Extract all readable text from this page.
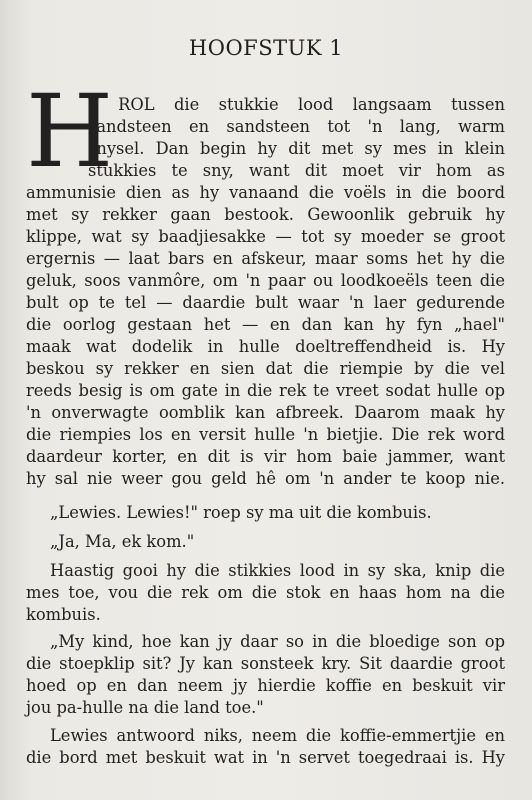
HOOFSTUK 1
H
Y ROL die stukkie lood langsaam tussen
sandsteen en sandsteen tot 'n lang, warm
snysel. Dan begin hy dit met sy mes in klein
stukkies te sny, want dit moet vir hom as
ammunisie dien as hy vanaand die voëls in die boord
met sy rekker gaan bestook. Gewoonlik gebruik hy
klippe, wat sy baadjiesakke — tot sy moeder se groot
ergernis — laat bars en afskeur, maar soms het hy die
geluk, soos vanmôre, om 'n paar ou loodkoeëls teen die
bult op te tel — daardie bult waar 'n laer gedurende
die oorlog gestaan het — en dan kan hy fyn „hael"
maak wat dodelik in hulle doeltreffendheid is. Hy
beskou sy rekker en sien dat die riempie by die vel
reeds besig is om gate in die rek te vreet sodat hulle op
'n onverwagte oomblik kan afbreek. Daarom maak hy
die riempies los en versit hulle 'n bietjie. Die rek word
daardeur korter, en dit is vir hom baie jammer, want
hy sal nie weer gou geld hê om 'n ander te koop nie.
„Lewies. Lewies!" roep sy ma uit die kombuis.
„Ja, Ma, ek kom."
Haastig gooi hy die stikkies lood in sy ska, knip die
mes toe, vou die rek om die stok en haas hom na die
kombuis.
„My kind, hoe kan jy daar so in die bloedige son op
die stoepklip sit? Jy kan sonsteek kry. Sit daardie groot
hoed op en dan neem jy hierdie koffie en beskuit vir
jou pa-hulle na die land toe."
Lewies antwoord niks, neem die koffie-emmertjie en
die bord met beskuit wat in 'n servet toegedraai is. Hy
